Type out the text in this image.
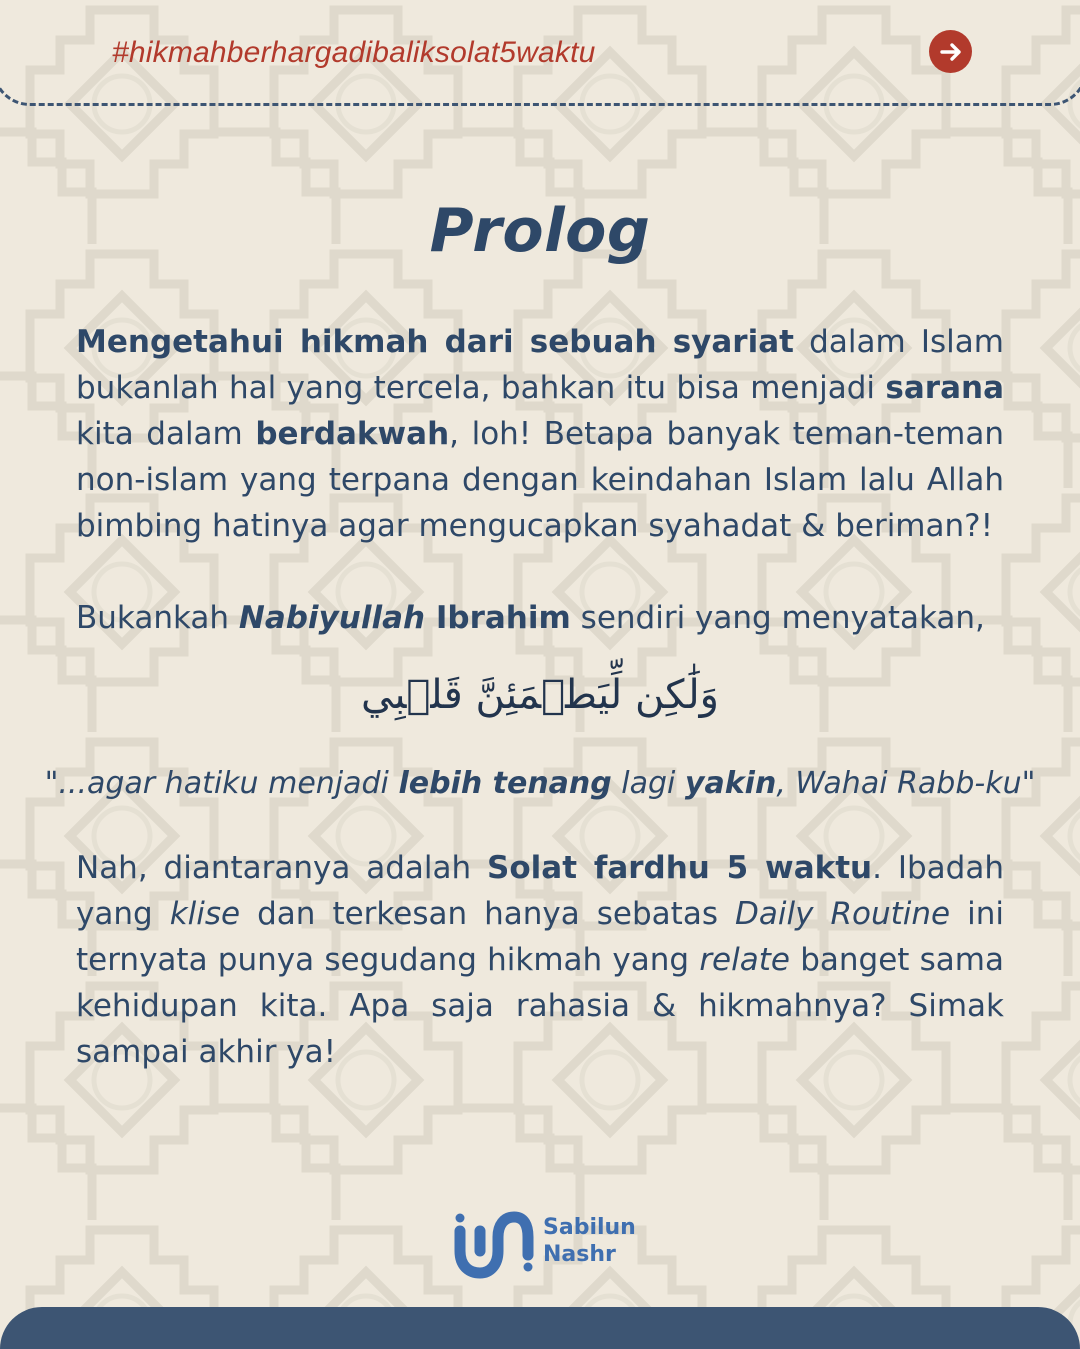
#hikmahberhargadibaliksolat5waktu
Prolog
Mengetahui hikmah dari sebuah syariat dalam Islam bukanlah hal yang tercela, bahkan itu bisa menjadi sarana kita dalam berdakwah, loh! Betapa banyak teman-teman non-islam yang terpana dengan keindahan Islam lalu Allah bimbing hatinya agar mengucapkan syahadat & beriman?!
Bukankah Nabiyullah Ibrahim sendiri yang menyatakan,
وَلَٰكِن لِّيَطۡمَئِنَّ قَلۡبِي
"...agar hatiku menjadi lebih tenang lagi yakin, Wahai Rabb-ku"
Nah, diantaranya adalah Solat fardhu 5 waktu. Ibadah yang klise dan terkesan hanya sebatas Daily Routine ini ternyata punya segudang hikmah yang relate banget sama kehidupan kita. Apa saja rahasia & hikmahnya? Simak sampai akhir ya!
Sabilun
Nashr
